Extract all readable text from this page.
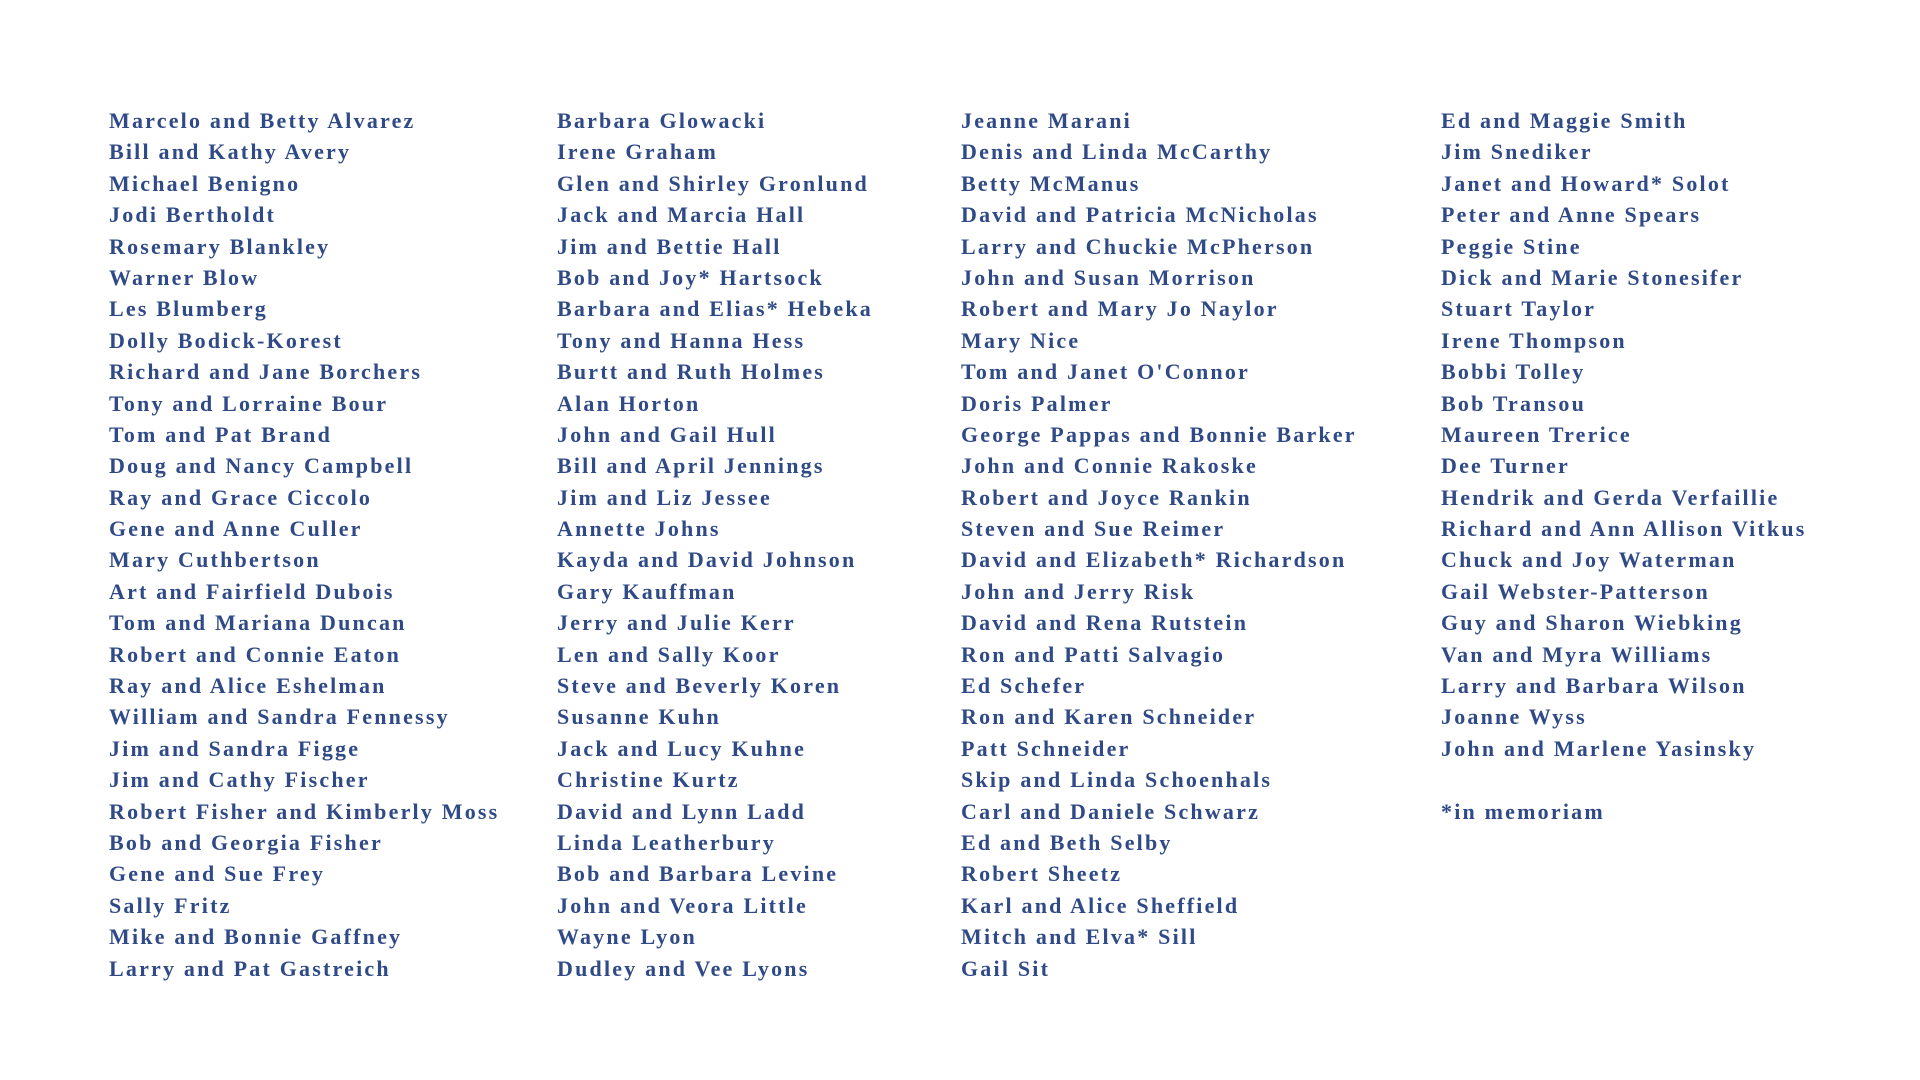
Marcelo and Betty Alvarez
Bill and Kathy Avery
Michael Benigno
Jodi Bertholdt
Rosemary Blankley
Warner Blow
Les Blumberg
Dolly Bodick-Korest
Richard and Jane Borchers
Tony and Lorraine Bour
Tom and Pat Brand
Doug and Nancy Campbell
Ray and Grace Ciccolo
Gene and Anne Culler
Mary Cuthbertson
Art and Fairfield Dubois
Tom and Mariana Duncan
Robert and Connie Eaton
Ray and Alice Eshelman
William and Sandra Fennessy
Jim and Sandra Figge
Jim and Cathy Fischer
Robert Fisher and Kimberly Moss
Bob and Georgia Fisher
Gene and Sue Frey
Sally Fritz
Mike and Bonnie Gaffney
Larry and Pat Gastreich
Barbara Glowacki
Irene Graham
Glen and Shirley Gronlund
Jack and Marcia Hall
Jim and Bettie Hall
Bob and Joy* Hartsock
Barbara and Elias* Hebeka
Tony and Hanna Hess
Burtt and Ruth Holmes
Alan Horton
John and Gail Hull
Bill and April Jennings
Jim and Liz Jessee
Annette Johns
Kayda and David Johnson
Gary Kauffman
Jerry and Julie Kerr
Len and Sally Koor
Steve and Beverly Koren
Susanne Kuhn
Jack and Lucy Kuhne
Christine Kurtz
David and Lynn Ladd
Linda Leatherbury
Bob and Barbara Levine
John and Veora Little
Wayne Lyon
Dudley and Vee Lyons
Jeanne Marani
Denis and Linda McCarthy
Betty McManus
David and Patricia McNicholas
Larry and Chuckie McPherson
John and Susan Morrison
Robert and Mary Jo Naylor
Mary Nice
Tom and Janet O'Connor
Doris Palmer
George Pappas and Bonnie Barker
John and Connie Rakoske
Robert and Joyce Rankin
Steven and Sue Reimer
David and Elizabeth* Richardson
John and Jerry Risk
David and Rena Rutstein
Ron and Patti Salvagio
Ed Schefer
Ron and Karen Schneider
Patt Schneider
Skip and Linda Schoenhals
Carl and Daniele Schwarz
Ed and Beth Selby
Robert Sheetz
Karl and Alice Sheffield
Mitch and Elva* Sill
Gail Sit
Ed and Maggie Smith
Jim Snediker
Janet and Howard* Solot
Peter and Anne Spears
Peggie Stine
Dick and Marie Stonesifer
Stuart Taylor
Irene Thompson
Bobbi Tolley
Bob Transou
Maureen Trerice
Dee Turner
Hendrik and Gerda Verfaillie
Richard and Ann Allison Vitkus
Chuck and Joy Waterman
Gail Webster-Patterson
Guy and Sharon Wiebking
Van and Myra Williams
Larry and Barbara Wilson
Joanne Wyss
John and Marlene Yasinsky
*in memoriam
